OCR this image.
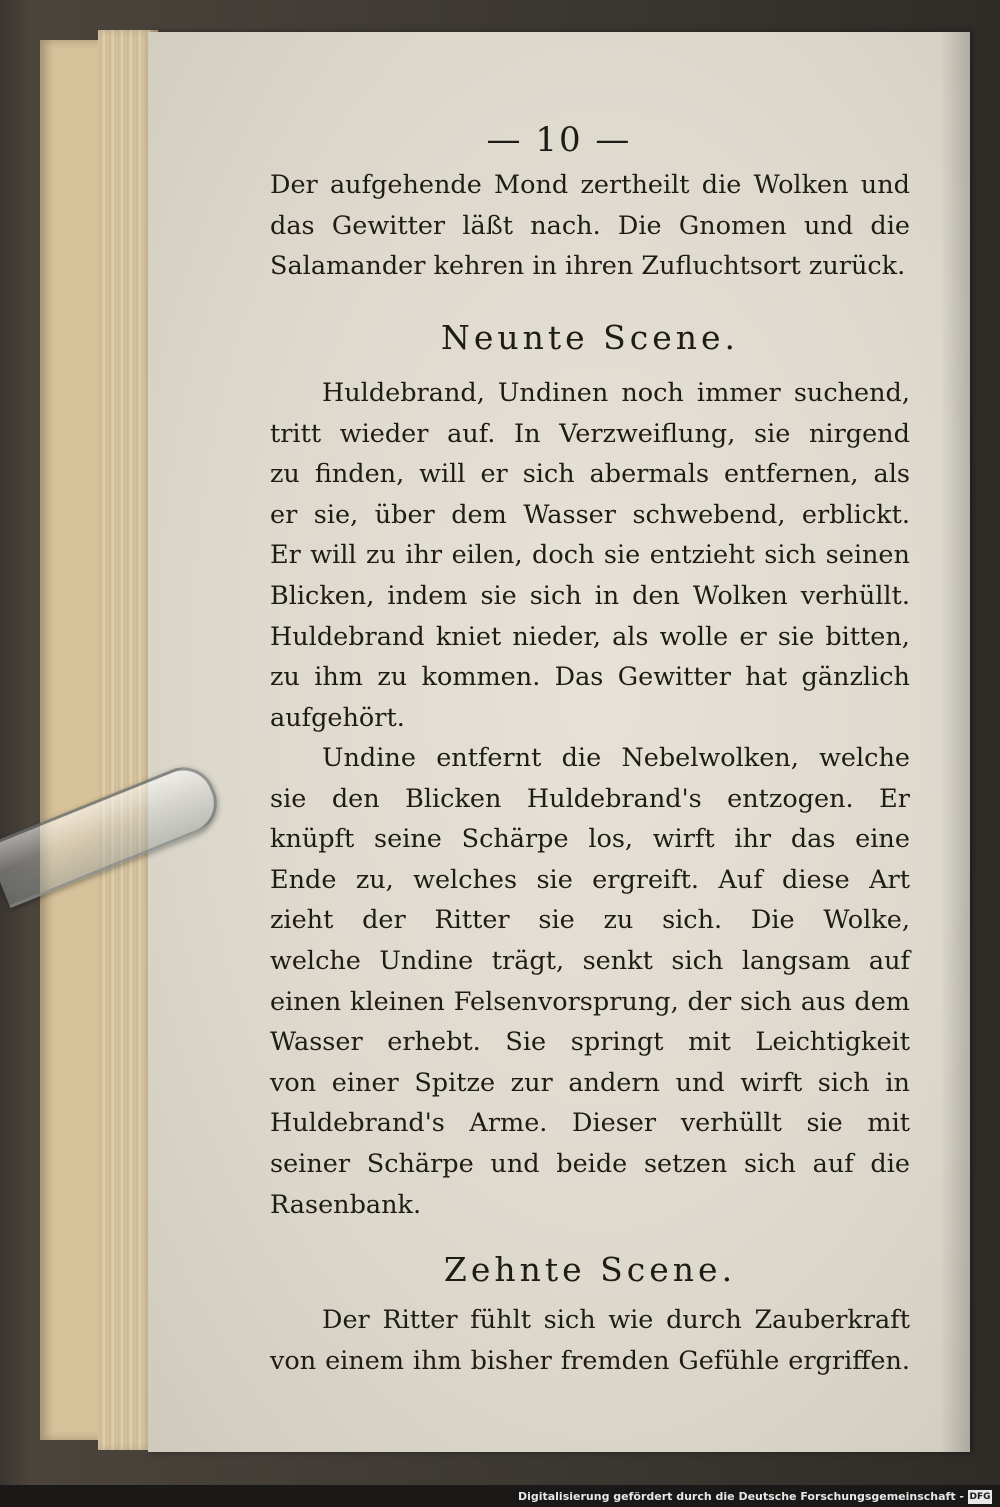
— 10 —
Der aufgehende Mond zertheilt die Wolken und
das Gewitter läßt nach. Die Gnomen und die
Salamander kehren in ihren Zufluchtsort zurück.
Neunte Scene.
Huldebrand, Undinen noch immer suchend,
tritt wieder auf. In Verzweiflung, sie nirgend
zu finden, will er sich abermals entfernen, als
er sie, über dem Wasser schwebend, erblickt.
Er will zu ihr eilen, doch sie entzieht sich seinen
Blicken, indem sie sich in den Wolken verhüllt.
Huldebrand kniet nieder, als wolle er sie bitten,
zu ihm zu kommen. Das Gewitter hat gänzlich
aufgehört.
Undine entfernt die Nebelwolken, welche
sie den Blicken Huldebrand's entzogen. Er
knüpft seine Schärpe los, wirft ihr das eine
Ende zu, welches sie ergreift. Auf diese Art
zieht der Ritter sie zu sich. Die Wolke,
welche Undine trägt, senkt sich langsam auf
einen kleinen Felsenvorsprung, der sich aus dem
Wasser erhebt. Sie springt mit Leichtigkeit
von einer Spitze zur andern und wirft sich in
Huldebrand's Arme. Dieser verhüllt sie mit
seiner Schärpe und beide setzen sich auf die
Rasenbank.
Zehnte Scene.
Der Ritter fühlt sich wie durch Zauberkraft
von einem ihm bisher fremden Gefühle ergriffen.
Digitalisierung gefördert durch die Deutsche Forschungsgemeinschaft - DFG
